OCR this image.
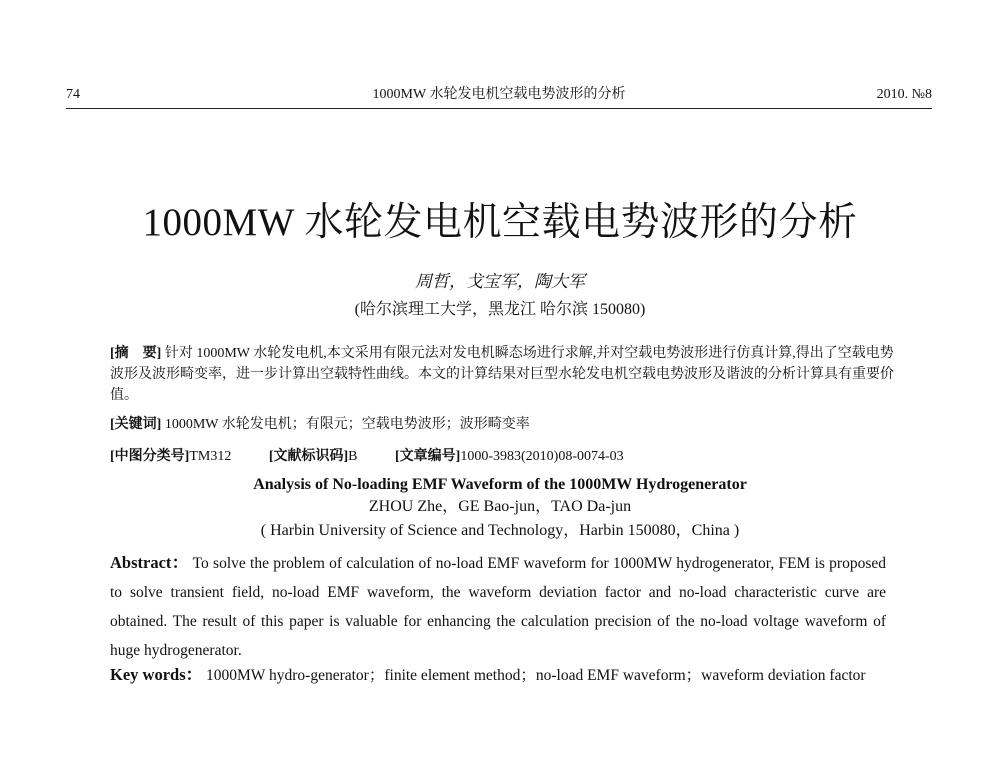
74	1000MW 水轮发电机空载电势波形的分析	2010. №8
1000MW 水轮发电机空载电势波形的分析
周哲，戈宝军，陶大军
(哈尔滨理工大学，黑龙江 哈尔滨 150080)
[摘　要] 针对 1000MW 水轮发电机,本文采用有限元法对发电机瞬态场进行求解,并对空载电势波形进行仿真计算,得出了空载电势波形及波形畸变率，进一步计算出空载特性曲线。本文的计算结果对巨型水轮发电机空载电势波形及谐波的分析计算具有重要价值。
[关键词] 1000MW 水轮发电机；有限元；空载电势波形；波形畸变率
[中图分类号]TM312	[文献标识码]B	[文章编号]1000-3983(2010)08-0074-03
Analysis of No-loading EMF Waveform of the 1000MW Hydrogenerator
ZHOU Zhe，GE Bao-jun，TAO Da-jun
( Harbin University of Science and Technology，Harbin 150080，China )
Abstract： To solve the problem of calculation of no-load EMF waveform for 1000MW hydrogenerator, FEM is proposed to solve transient field, no-load EMF waveform, the waveform deviation factor and no-load characteristic curve are obtained. The result of this paper is valuable for enhancing the calculation precision of the no-load voltage waveform of huge hydrogenerator.
Key words： 1000MW hydro-generator；finite element method；no-load EMF waveform；waveform deviation factor
